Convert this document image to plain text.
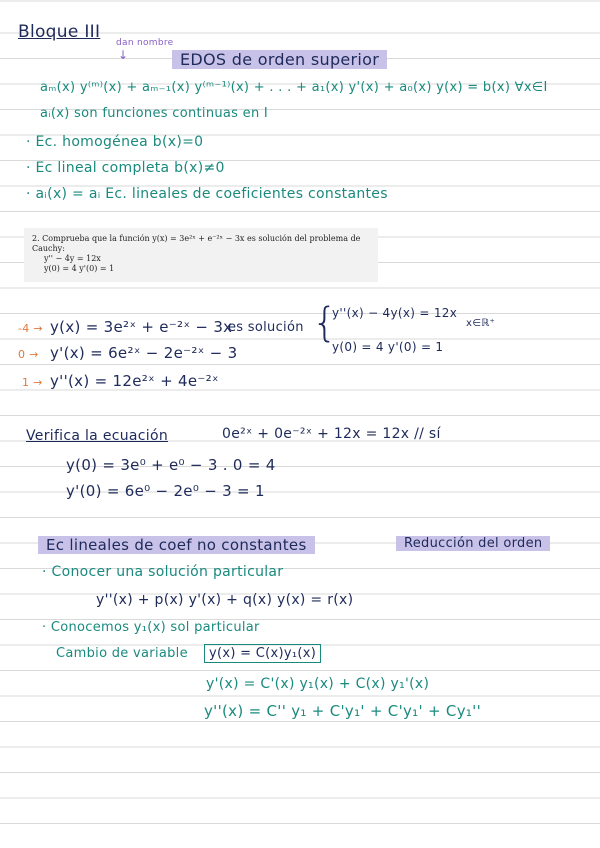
Bloque III
dan nombre
↓	EDOS de orden superior
aₘ(x) y⁽ᵐ⁾(x) + aₘ₋₁(x) y⁽ᵐ⁻¹⁾(x) + . . . + a₁(x) y'(x) + a₀(x) y(x) = b(x) ∀x∈I
aᵢ(x) son funciones continuas en I
· Ec. homogénea b(x)=0
· Ec lineal completa b(x)≠0
· aᵢ(x) = aᵢ Ec. lineales de coeficientes constantes
2. Comprueba que la función y(x) = 3e²ˣ + e⁻²ˣ − 3x es solución del problema de Cauchy:
y'' − 4y = 12x
y(0) = 4 y'(0) = 1
-4 → y(x) = 3e²ˣ + e⁻²ˣ − 3x
es solución
0 → y'(x) = 6e²ˣ − 2e⁻²ˣ − 3
1 → y''(x) = 12e²ˣ + 4e⁻²ˣ
{
y''(x) − 4y(x) = 12x
y(0) = 4 y'(0) = 1
x∈ℝ⁺
Verifica la ecuación	0e²ˣ + 0e⁻²ˣ + 12x = 12x // sí
y(0) = 3e⁰ + e⁰ − 3 . 0 = 4
y'(0) = 6e⁰ − 2e⁰ − 3 = 1
Ec lineales de coef no constantes	Reducción del orden
· Conocer una solución particular
y''(x) + p(x) y'(x) + q(x) y(x) = r(x)
· Conocemos y₁(x) sol particular
Cambio de variable	y(x) = C(x)y₁(x)
y'(x) = C'(x) y₁(x) + C(x) y₁'(x)
y''(x) = C'' y₁ + C'y₁' + C'y₁' + Cy₁''
